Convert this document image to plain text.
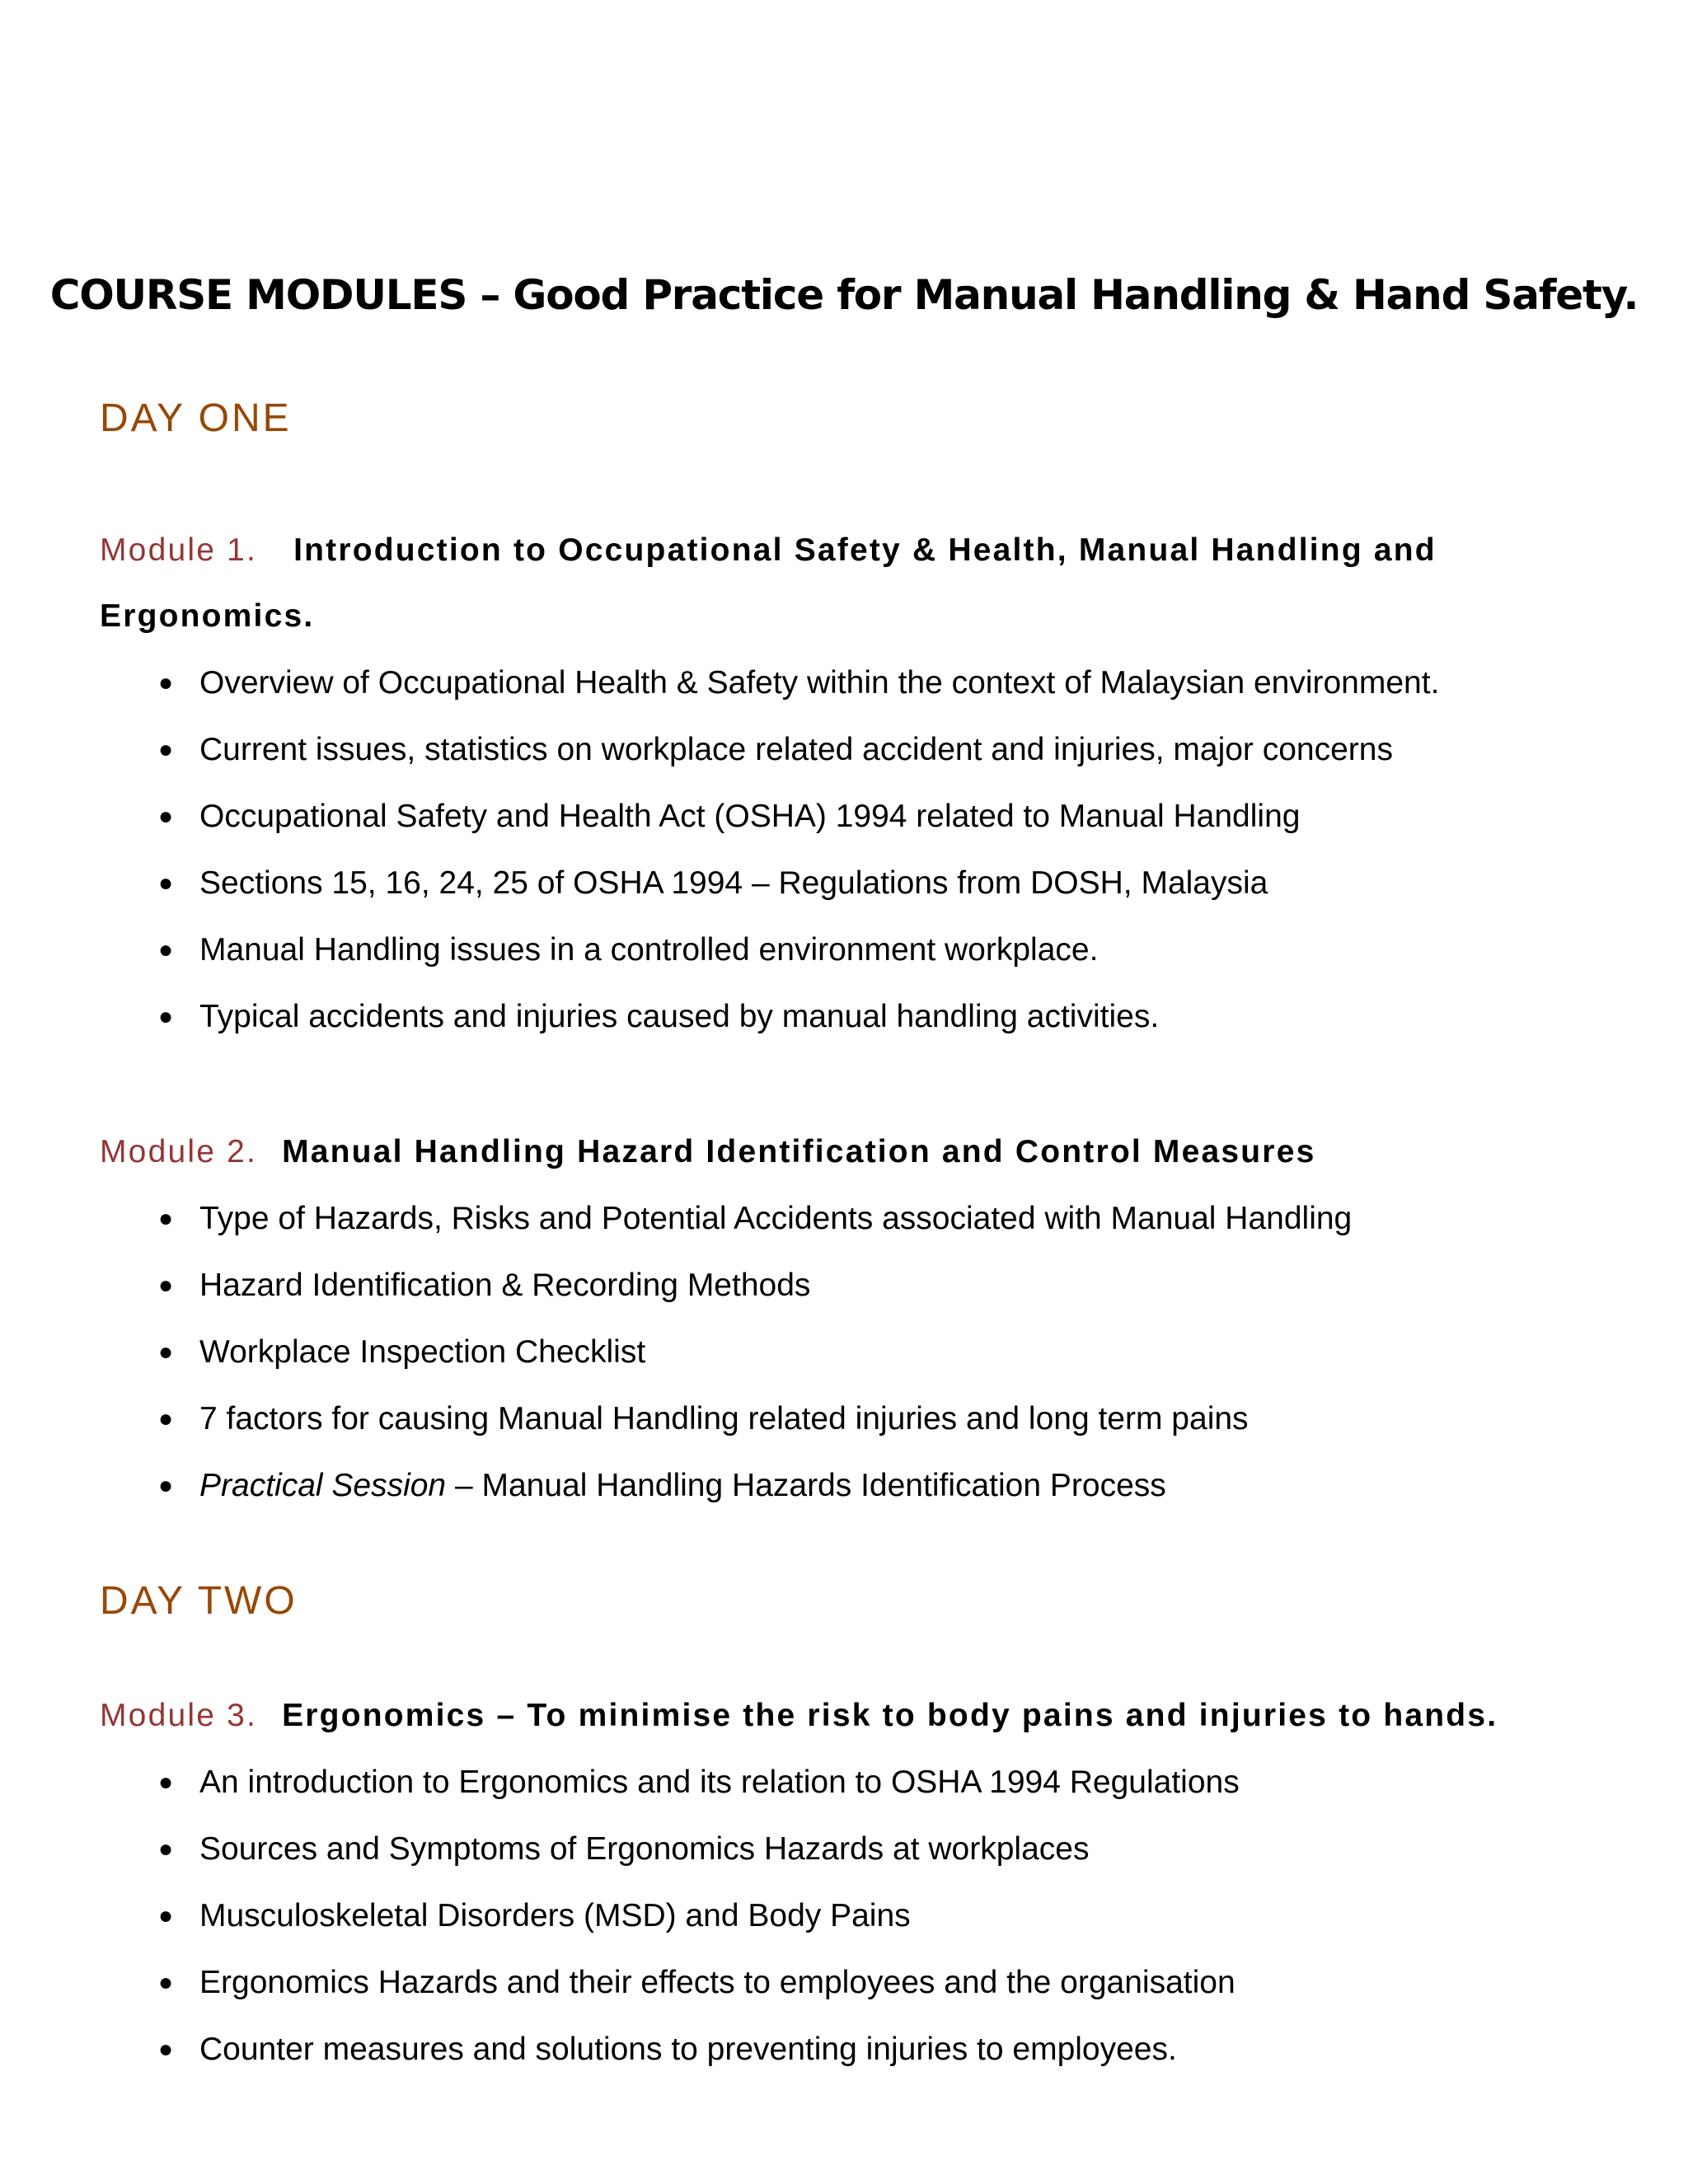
COURSE MODULES – Good Practice for Manual Handling & Hand Safety.
DAY ONE
Module 1. Introduction to Occupational Safety & Health, Manual Handling and Ergonomics.
● Overview of Occupational Health & Safety within the context of Malaysian environment.
● Current issues, statistics on workplace related accident and injuries, major concerns
● Occupational Safety and Health Act (OSHA) 1994 related to Manual Handling
● Sections 15, 16, 24, 25 of OSHA 1994 – Regulations from DOSH, Malaysia
● Manual Handling issues in a controlled environment workplace.
● Typical accidents and injuries caused by manual handling activities.
Module 2. Manual Handling Hazard Identification and Control Measures
● Type of Hazards, Risks and Potential Accidents associated with Manual Handling
● Hazard Identification & Recording Methods
● Workplace Inspection Checklist
● 7 factors for causing Manual Handling related injuries and long term pains
● Practical Session – Manual Handling Hazards Identification Process
DAY TWO
Module 3. Ergonomics – To minimise the risk to body pains and injuries to hands.
● An introduction to Ergonomics and its relation to OSHA 1994 Regulations
● Sources and Symptoms of Ergonomics Hazards at workplaces
● Musculoskeletal Disorders (MSD) and Body Pains
● Ergonomics Hazards and their effects to employees and the organisation
● Counter measures and solutions to preventing injuries to employees.
